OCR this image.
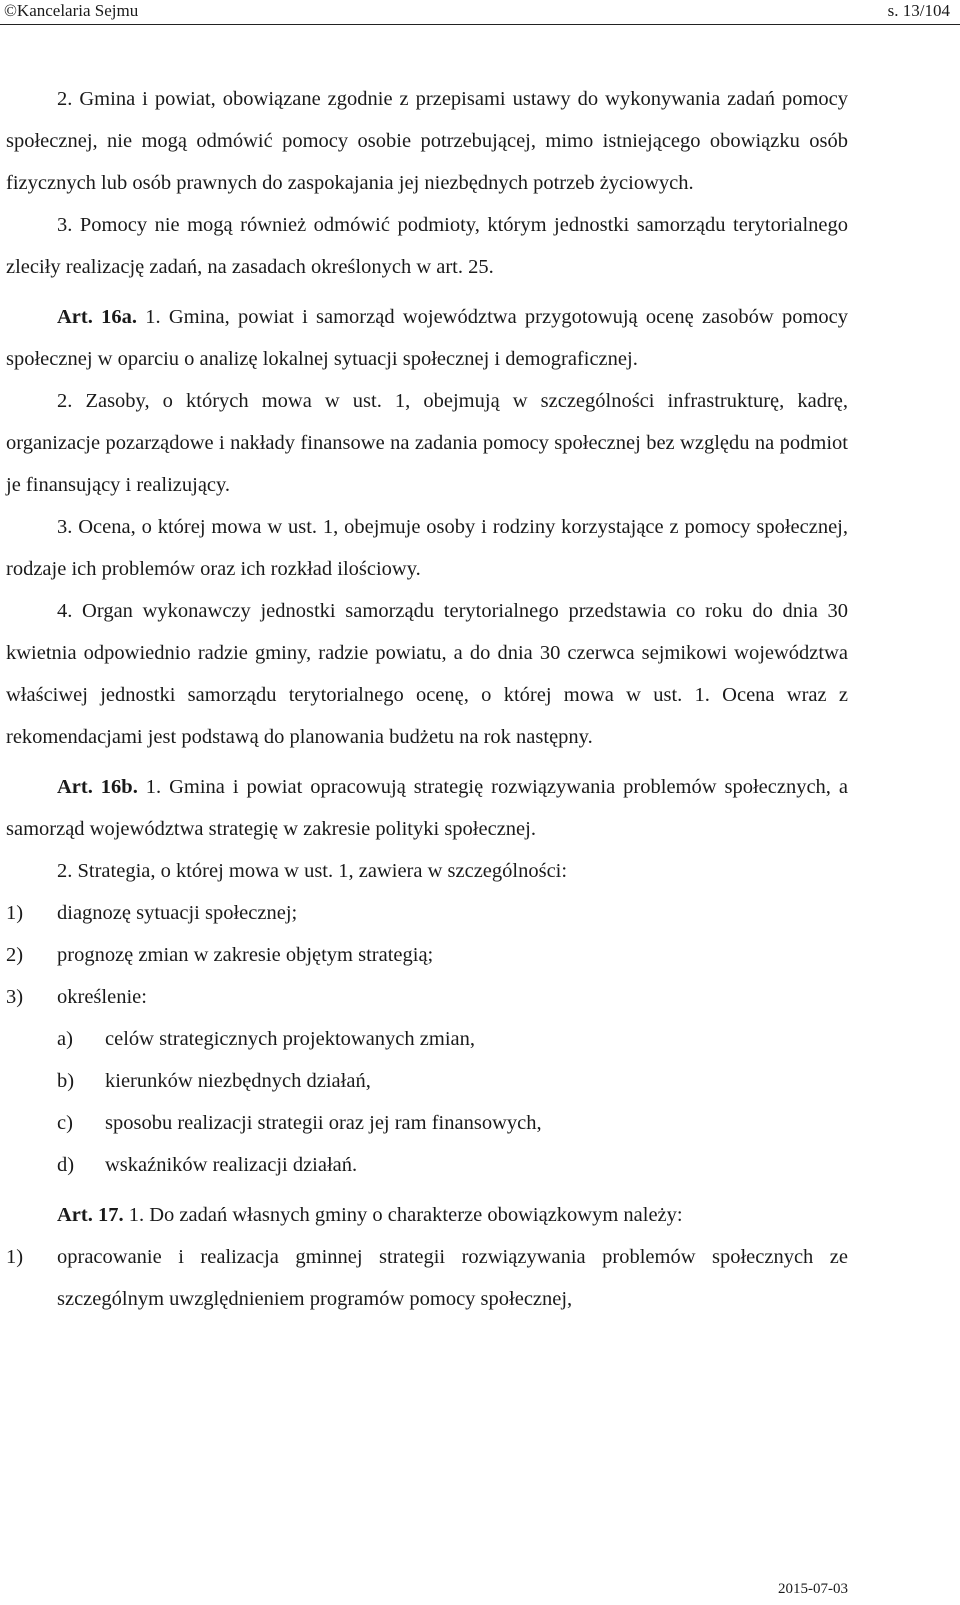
©Kancelaria Sejmu	s. 13/104

2. Gmina i powiat, obowiązane zgodnie z przepisami ustawy do wykonywania zadań pomocy społecznej, nie mogą odmówić pomocy osobie potrzebującej, mimo istniejącego obowiązku osób fizycznych lub osób prawnych do zaspokajania jej niezbędnych potrzeb życiowych.

3. Pomocy nie mogą również odmówić podmioty, którym jednostki samorządu terytorialnego zleciły realizację zadań, na zasadach określonych w art. 25.

Art. 16a. 1. Gmina, powiat i samorząd województwa przygotowują ocenę zasobów pomocy społecznej w oparciu o analizę lokalnej sytuacji społecznej i demograficznej.

2. Zasoby, o których mowa w ust. 1, obejmują w szczególności infrastrukturę, kadrę, organizacje pozarządowe i nakłady finansowe na zadania pomocy społecznej bez względu na podmiot je finansujący i realizujący.

3. Ocena, o której mowa w ust. 1, obejmuje osoby i rodziny korzystające z pomocy społecznej, rodzaje ich problemów oraz ich rozkład ilościowy.

4. Organ wykonawczy jednostki samorządu terytorialnego przedstawia co roku do dnia 30 kwietnia odpowiednio radzie gminy, radzie powiatu, a do dnia 30 czerwca sejmikowi województwa właściwej jednostki samorządu terytorialnego ocenę, o której mowa w ust. 1. Ocena wraz z rekomendacjami jest podstawą do planowania budżetu na rok następny.

Art. 16b. 1. Gmina i powiat opracowują strategię rozwiązywania problemów społecznych, a samorząd województwa strategię w zakresie polityki społecznej.

2. Strategia, o której mowa w ust. 1, zawiera w szczególności:

1)	diagnozę sytuacji społecznej;
2)	prognozę zmian w zakresie objętym strategią;
3)	określenie:
a)	celów strategicznych projektowanych zmian,
b)	kierunków niezbędnych działań,
c)	sposobu realizacji strategii oraz jej ram finansowych,
d)	wskaźników realizacji działań.

Art. 17. 1. Do zadań własnych gminy o charakterze obowiązkowym należy:

1)	opracowanie i realizacja gminnej strategii rozwiązywania problemów społecznych ze szczególnym uwzględnieniem programów pomocy społecznej,
2015-07-03
